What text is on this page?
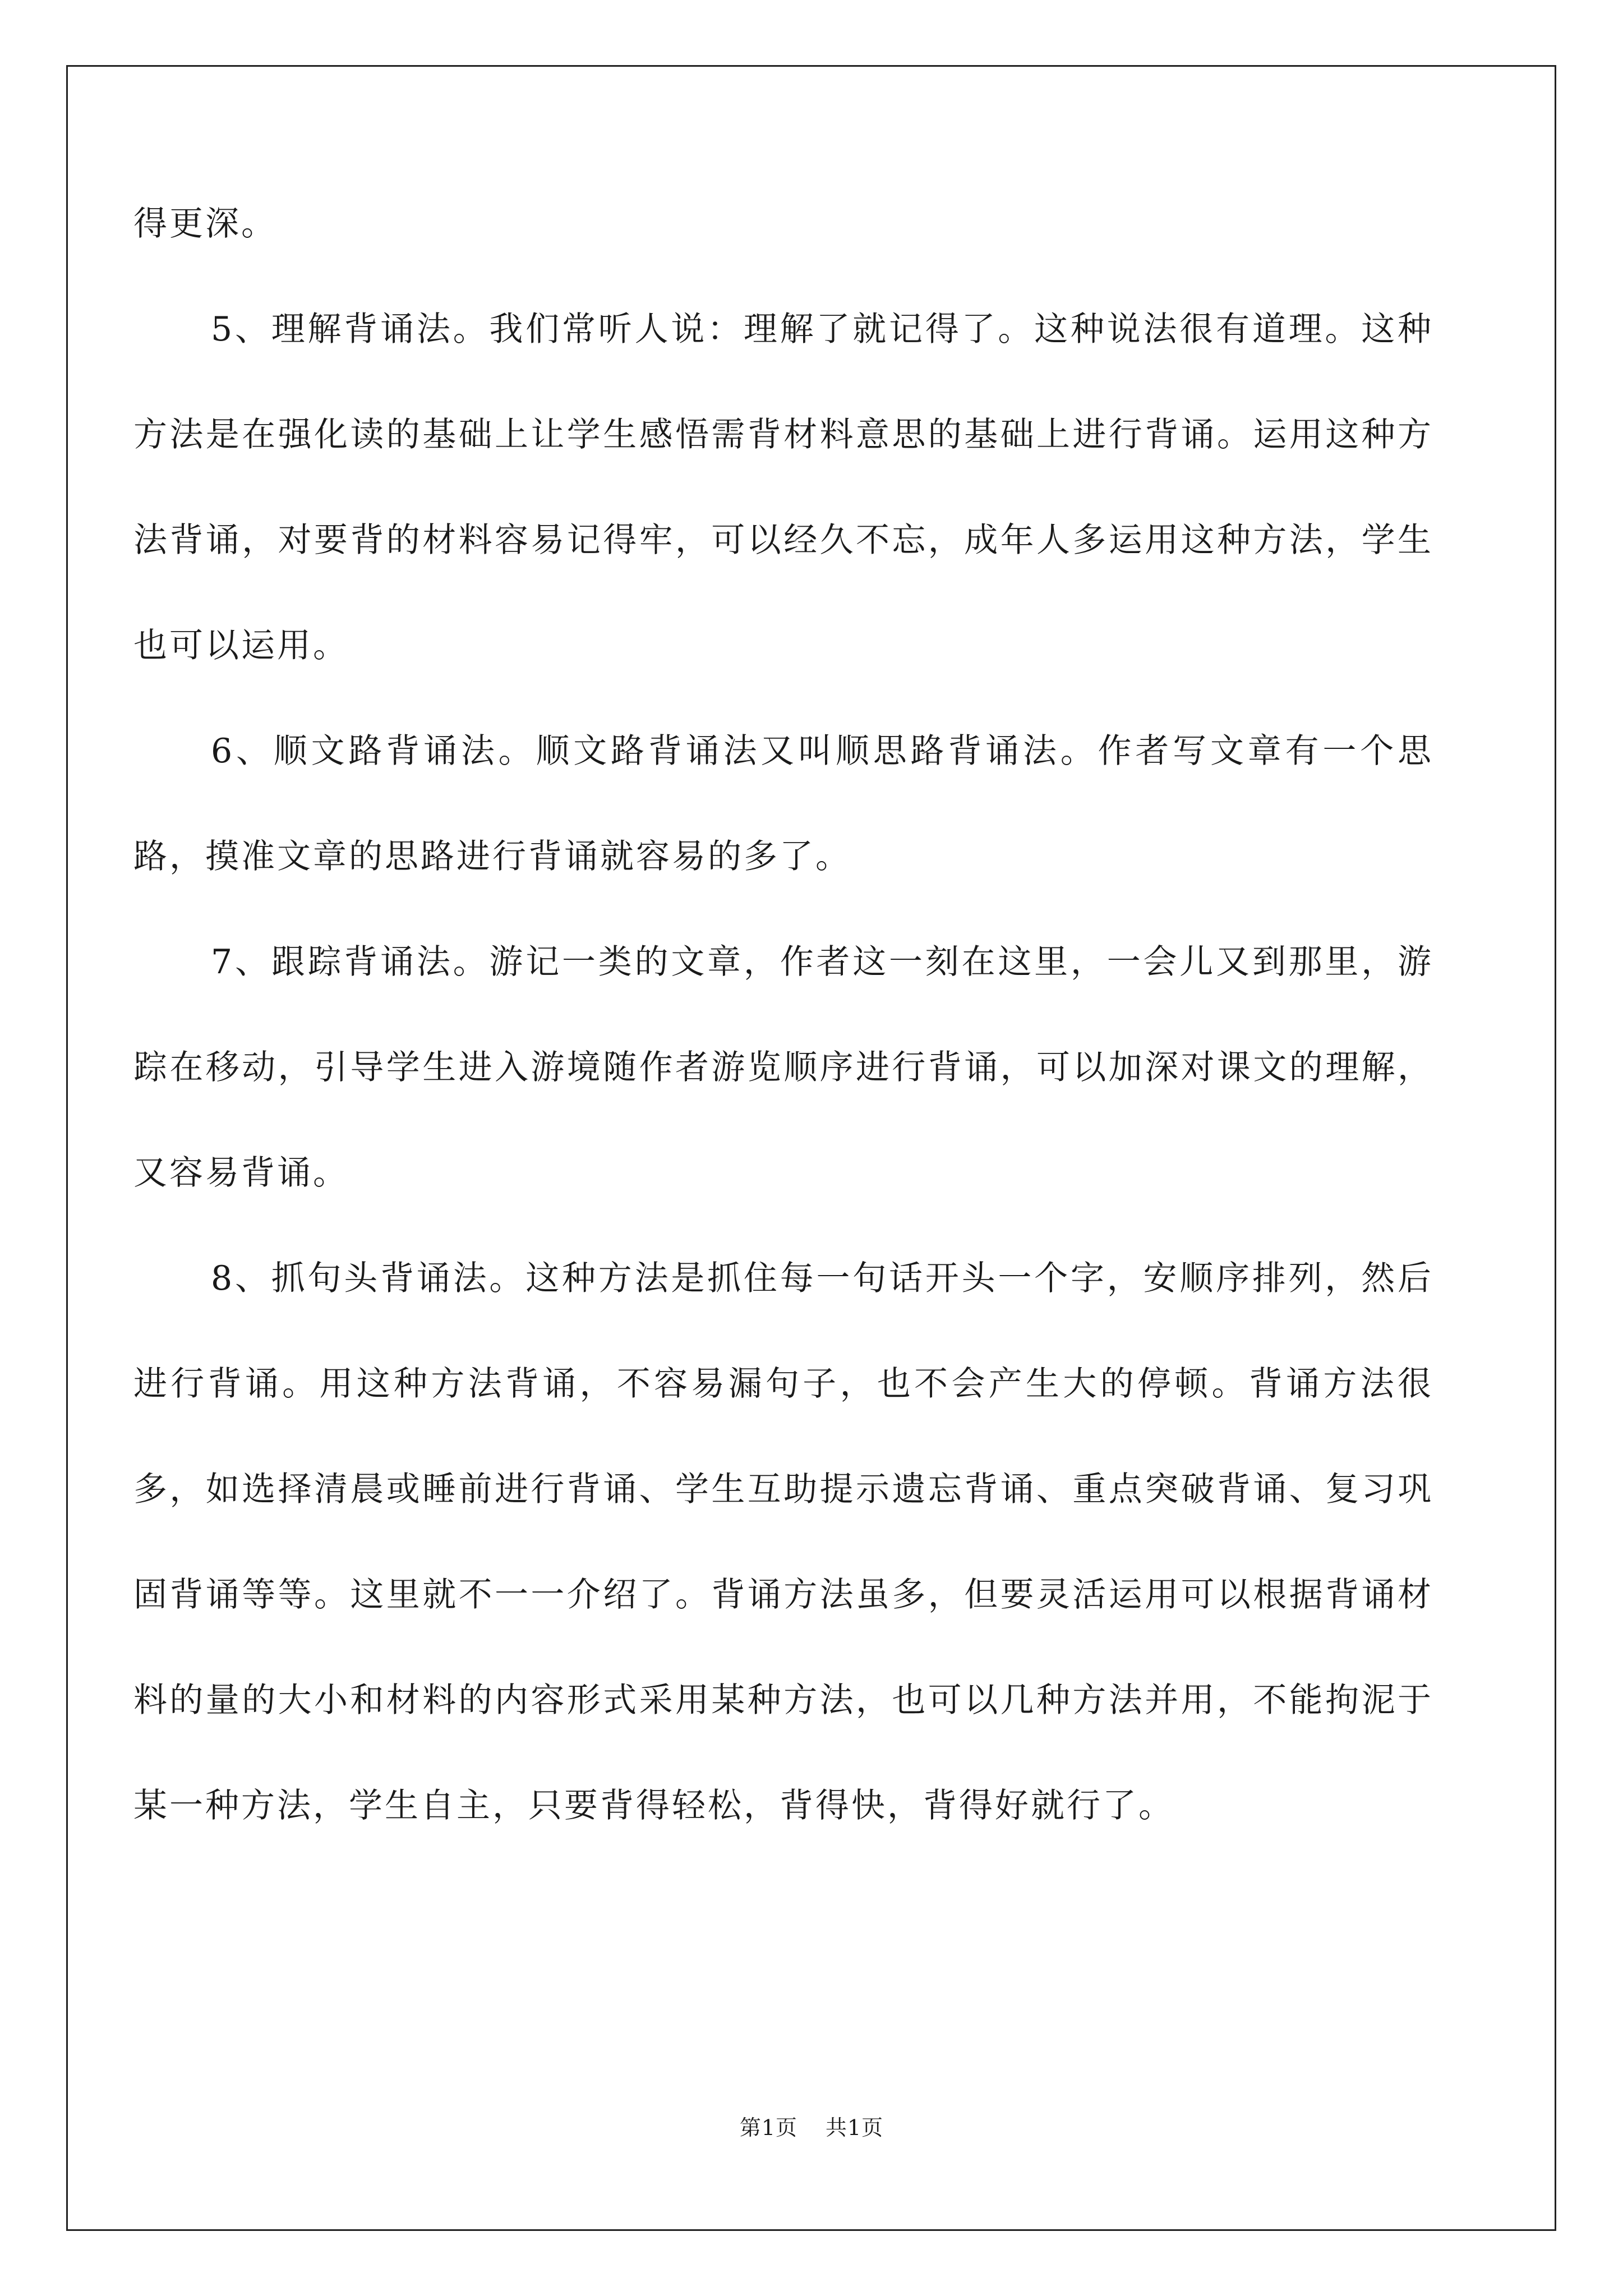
得更深。

5、理解背诵法。我们常听人说：理解了就记得了。这种说法很有道理。这种方法是在强化读的基础上让学生感悟需背材料意思的基础上进行背诵。运用这种方法背诵，对要背的材料容易记得牢，可以经久不忘，成年人多运用这种方法，学生也可以运用。

6、顺文路背诵法。顺文路背诵法又叫顺思路背诵法。作者写文章有一个思路，摸准文章的思路进行背诵就容易的多了。

7、跟踪背诵法。游记一类的文章，作者这一刻在这里，一会儿又到那里，游踪在移动，引导学生进入游境随作者游览顺序进行背诵，可以加深对课文的理解，又容易背诵。

8、抓句头背诵法。这种方法是抓住每一句话开头一个字，安顺序排列，然后进行背诵。用这种方法背诵，不容易漏句子，也不会产生大的停顿。背诵方法很多，如选择清晨或睡前进行背诵、学生互助提示遗忘背诵、重点突破背诵、复习巩固背诵等等。这里就不一一介绍了。背诵方法虽多，但要灵活运用可以根据背诵材料的量的大小和材料的内容形式采用某种方法，也可以几种方法并用，不能拘泥于某一种方法，学生自主，只要背得轻松，背得快，背得好就行了。

第1页 共1页
